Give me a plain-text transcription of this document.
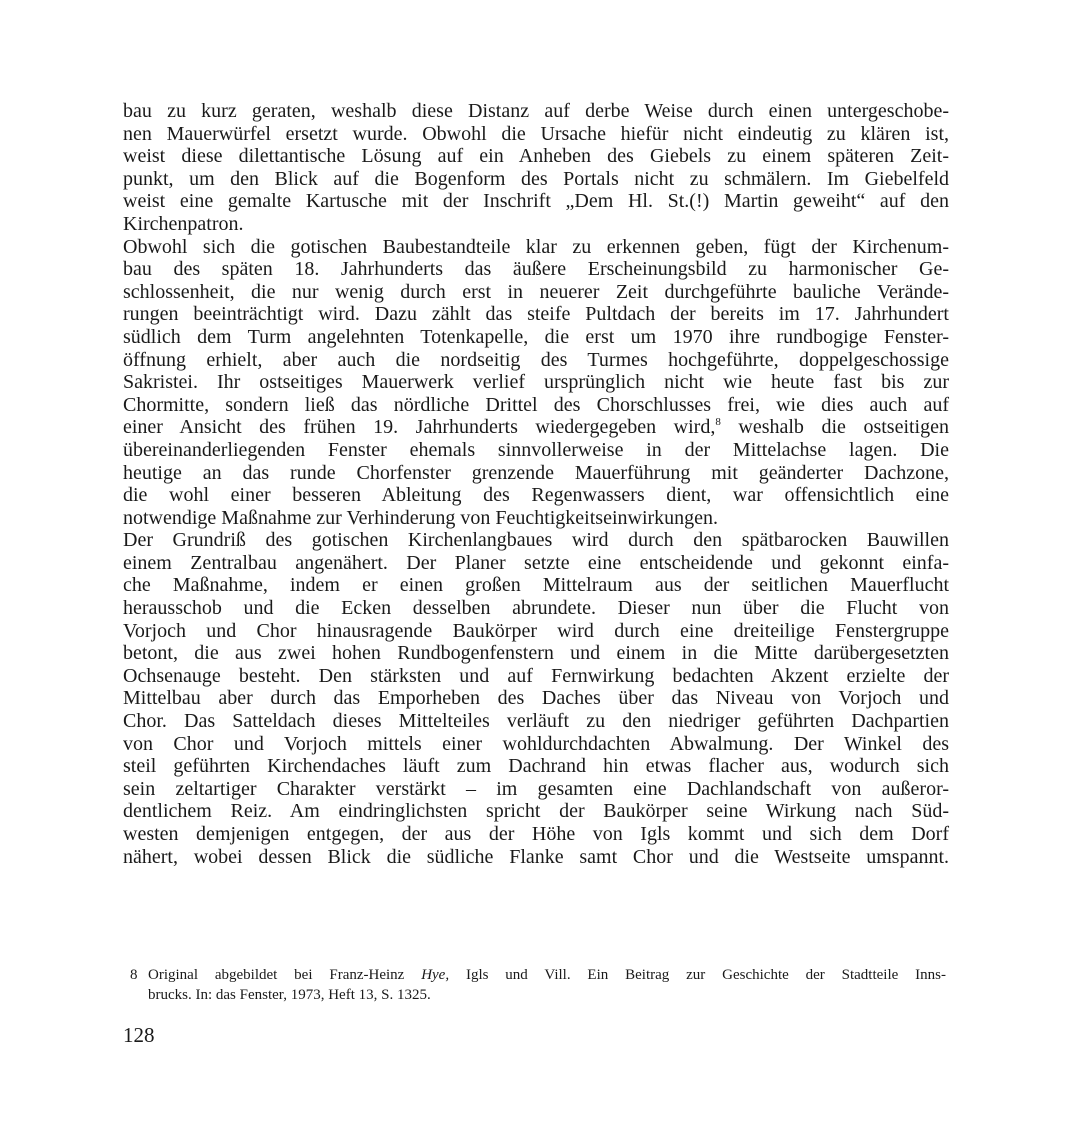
bau zu kurz geraten, weshalb diese Distanz auf derbe Weise durch einen untergeschobe-
nen Mauerwürfel ersetzt wurde. Obwohl die Ursache hiefür nicht eindeutig zu klären ist,
weist diese dilettantische Lösung auf ein Anheben des Giebels zu einem späteren Zeit-
punkt, um den Blick auf die Bogenform des Portals nicht zu schmälern. Im Giebelfeld
weist eine gemalte Kartusche mit der Inschrift „Dem Hl. St.(!) Martin geweiht“ auf den
Kirchenpatron.

Obwohl sich die gotischen Baubestandteile klar zu erkennen geben, fügt der Kirchenum-
bau des späten 18. Jahrhunderts das äußere Erscheinungsbild zu harmonischer Ge-
schlossenheit, die nur wenig durch erst in neuerer Zeit durchgeführte bauliche Verände-
rungen beeinträchtigt wird. Dazu zählt das steife Pultdach der bereits im 17. Jahrhundert
südlich dem Turm angelehnten Totenkapelle, die erst um 1970 ihre rundbogige Fenster-
öffnung erhielt, aber auch die nordseitig des Turmes hochgeführte, doppelgeschossige
Sakristei. Ihr ostseitiges Mauerwerk verlief ursprünglich nicht wie heute fast bis zur
Chormitte, sondern ließ das nördliche Drittel des Chorschlusses frei, wie dies auch auf
einer Ansicht des frühen 19. Jahrhunderts wiedergegeben wird,$^8$ weshalb die ostseitigen
übereinanderliegenden Fenster ehemals sinnvollerweise in der Mittelachse lagen. Die
heutige an das runde Chorfenster grenzende Mauerführung mit geänderter Dachzone,
die wohl einer besseren Ableitung des Regenwassers dient, war offensichtlich eine
notwendige Maßnahme zur Verhinderung von Feuchtigkeitseinwirkungen.

Der Grundriß des gotischen Kirchenlangbaues wird durch den spätbarocken Bauwillen
einem Zentralbau angenähert. Der Planer setzte eine entscheidende und gekonnt einfa-
che Maßnahme, indem er einen großen Mittelraum aus der seitlichen Mauerflucht
herausschob und die Ecken desselben abrundete. Dieser nun über die Flucht von
Vorjoch und Chor hinausragende Baukörper wird durch eine dreiteilige Fenstergruppe
betont, die aus zwei hohen Rundbogenfenstern und einem in die Mitte darübergesetzten
Ochsenauge besteht. Den stärksten und auf Fernwirkung bedachten Akzent erzielte der
Mittelbau aber durch das Emporheben des Daches über das Niveau von Vorjoch und
Chor. Das Satteldach dieses Mittelteiles verläuft zu den niedriger geführten Dachpartien
von Chor und Vorjoch mittels einer wohldurchdachten Abwalmung. Der Winkel des
steil geführten Kirchendaches läuft zum Dachrand hin etwas flacher aus, wodurch sich
sein zeltartiger Charakter verstärkt – im gesamten eine Dachlandschaft von außeror-
dentlichem Reiz. Am eindringlichsten spricht der Baukörper seine Wirkung nach Süd-
westen demjenigen entgegen, der aus der Höhe von Igls kommt und sich dem Dorf
nähert, wobei dessen Blick die südliche Flanke samt Chor und die Westseite umspannt.

8 Original abgebildet bei Franz-Heinz Hye, Igls und Vill. Ein Beitrag zur Geschichte der Stadtteile Inns-
brucks. In: das Fenster, 1973, Heft 13, S. 1325.
128
